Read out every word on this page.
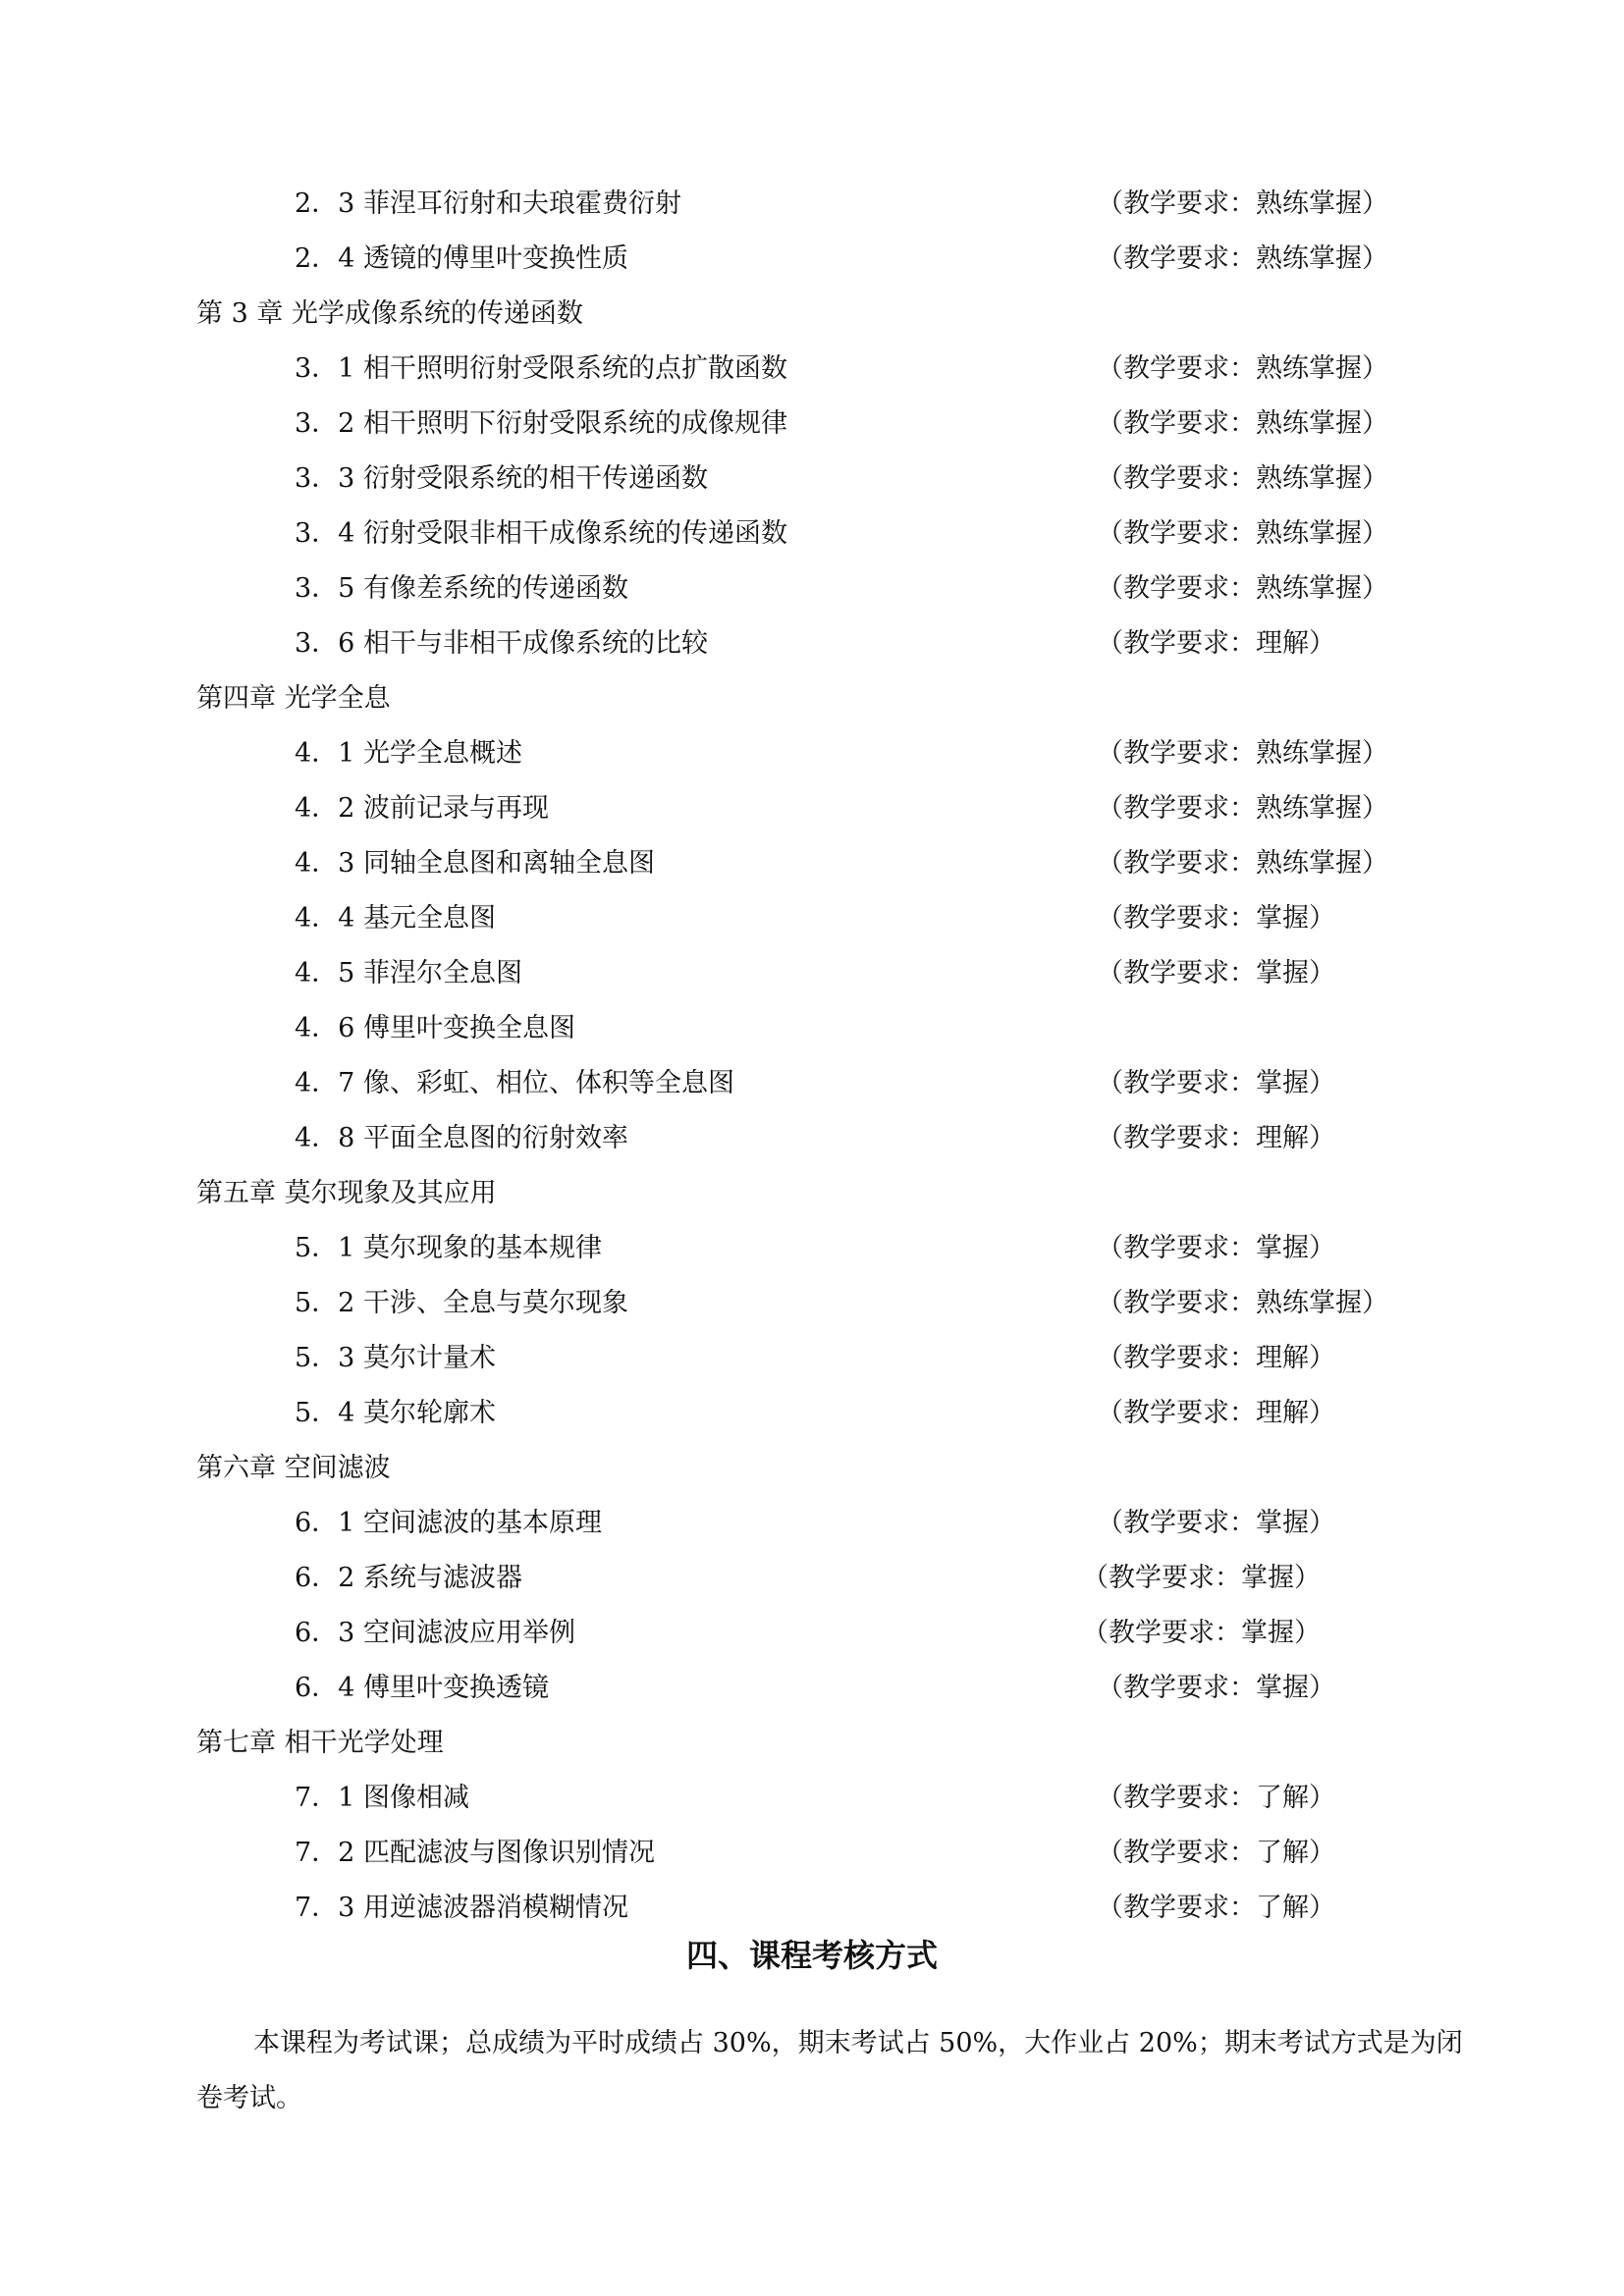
2．3 菲涅耳衍射和夫琅霍费衍射	（教学要求：熟练掌握）
2．4 透镜的傅里叶变换性质	（教学要求：熟练掌握）
第 3 章 光学成像系统的传递函数
3．1 相干照明衍射受限系统的点扩散函数	（教学要求：熟练掌握）
3．2 相干照明下衍射受限系统的成像规律	（教学要求：熟练掌握）
3．3 衍射受限系统的相干传递函数	（教学要求：熟练掌握）
3．4 衍射受限非相干成像系统的传递函数	（教学要求：熟练掌握）
3．5 有像差系统的传递函数	（教学要求：熟练掌握）
3．6 相干与非相干成像系统的比较	（教学要求：理解）
第四章 光学全息
4．1 光学全息概述	（教学要求：熟练掌握）
4．2 波前记录与再现	（教学要求：熟练掌握）
4．3 同轴全息图和离轴全息图	（教学要求：熟练掌握）
4．4 基元全息图	（教学要求：掌握）
4．5 菲涅尔全息图	（教学要求：掌握）
4．6 傅里叶变换全息图
4．7 像、彩虹、相位、体积等全息图	（教学要求：掌握）
4．8 平面全息图的衍射效率	（教学要求：理解）
第五章 莫尔现象及其应用
5．1 莫尔现象的基本规律	（教学要求：掌握）
5．2 干涉、全息与莫尔现象	（教学要求：熟练掌握）
5．3 莫尔计量术	（教学要求：理解）
5．4 莫尔轮廓术	（教学要求：理解）
第六章 空间滤波
6．1 空间滤波的基本原理	（教学要求：掌握）
6．2 系统与滤波器	（教学要求：掌握）
6．3 空间滤波应用举例	（教学要求：掌握）
6．4 傅里叶变换透镜	（教学要求：掌握）
第七章 相干光学处理
7．1 图像相减	（教学要求：了解）
7．2 匹配滤波与图像识别情况	（教学要求：了解）
7．3 用逆滤波器消模糊情况	（教学要求：了解）
四、课程考核方式
本课程为考试课；总成绩为平时成绩占 30%，期末考试占 50%，大作业占 20%；期末考试方式是为闭卷考试。
